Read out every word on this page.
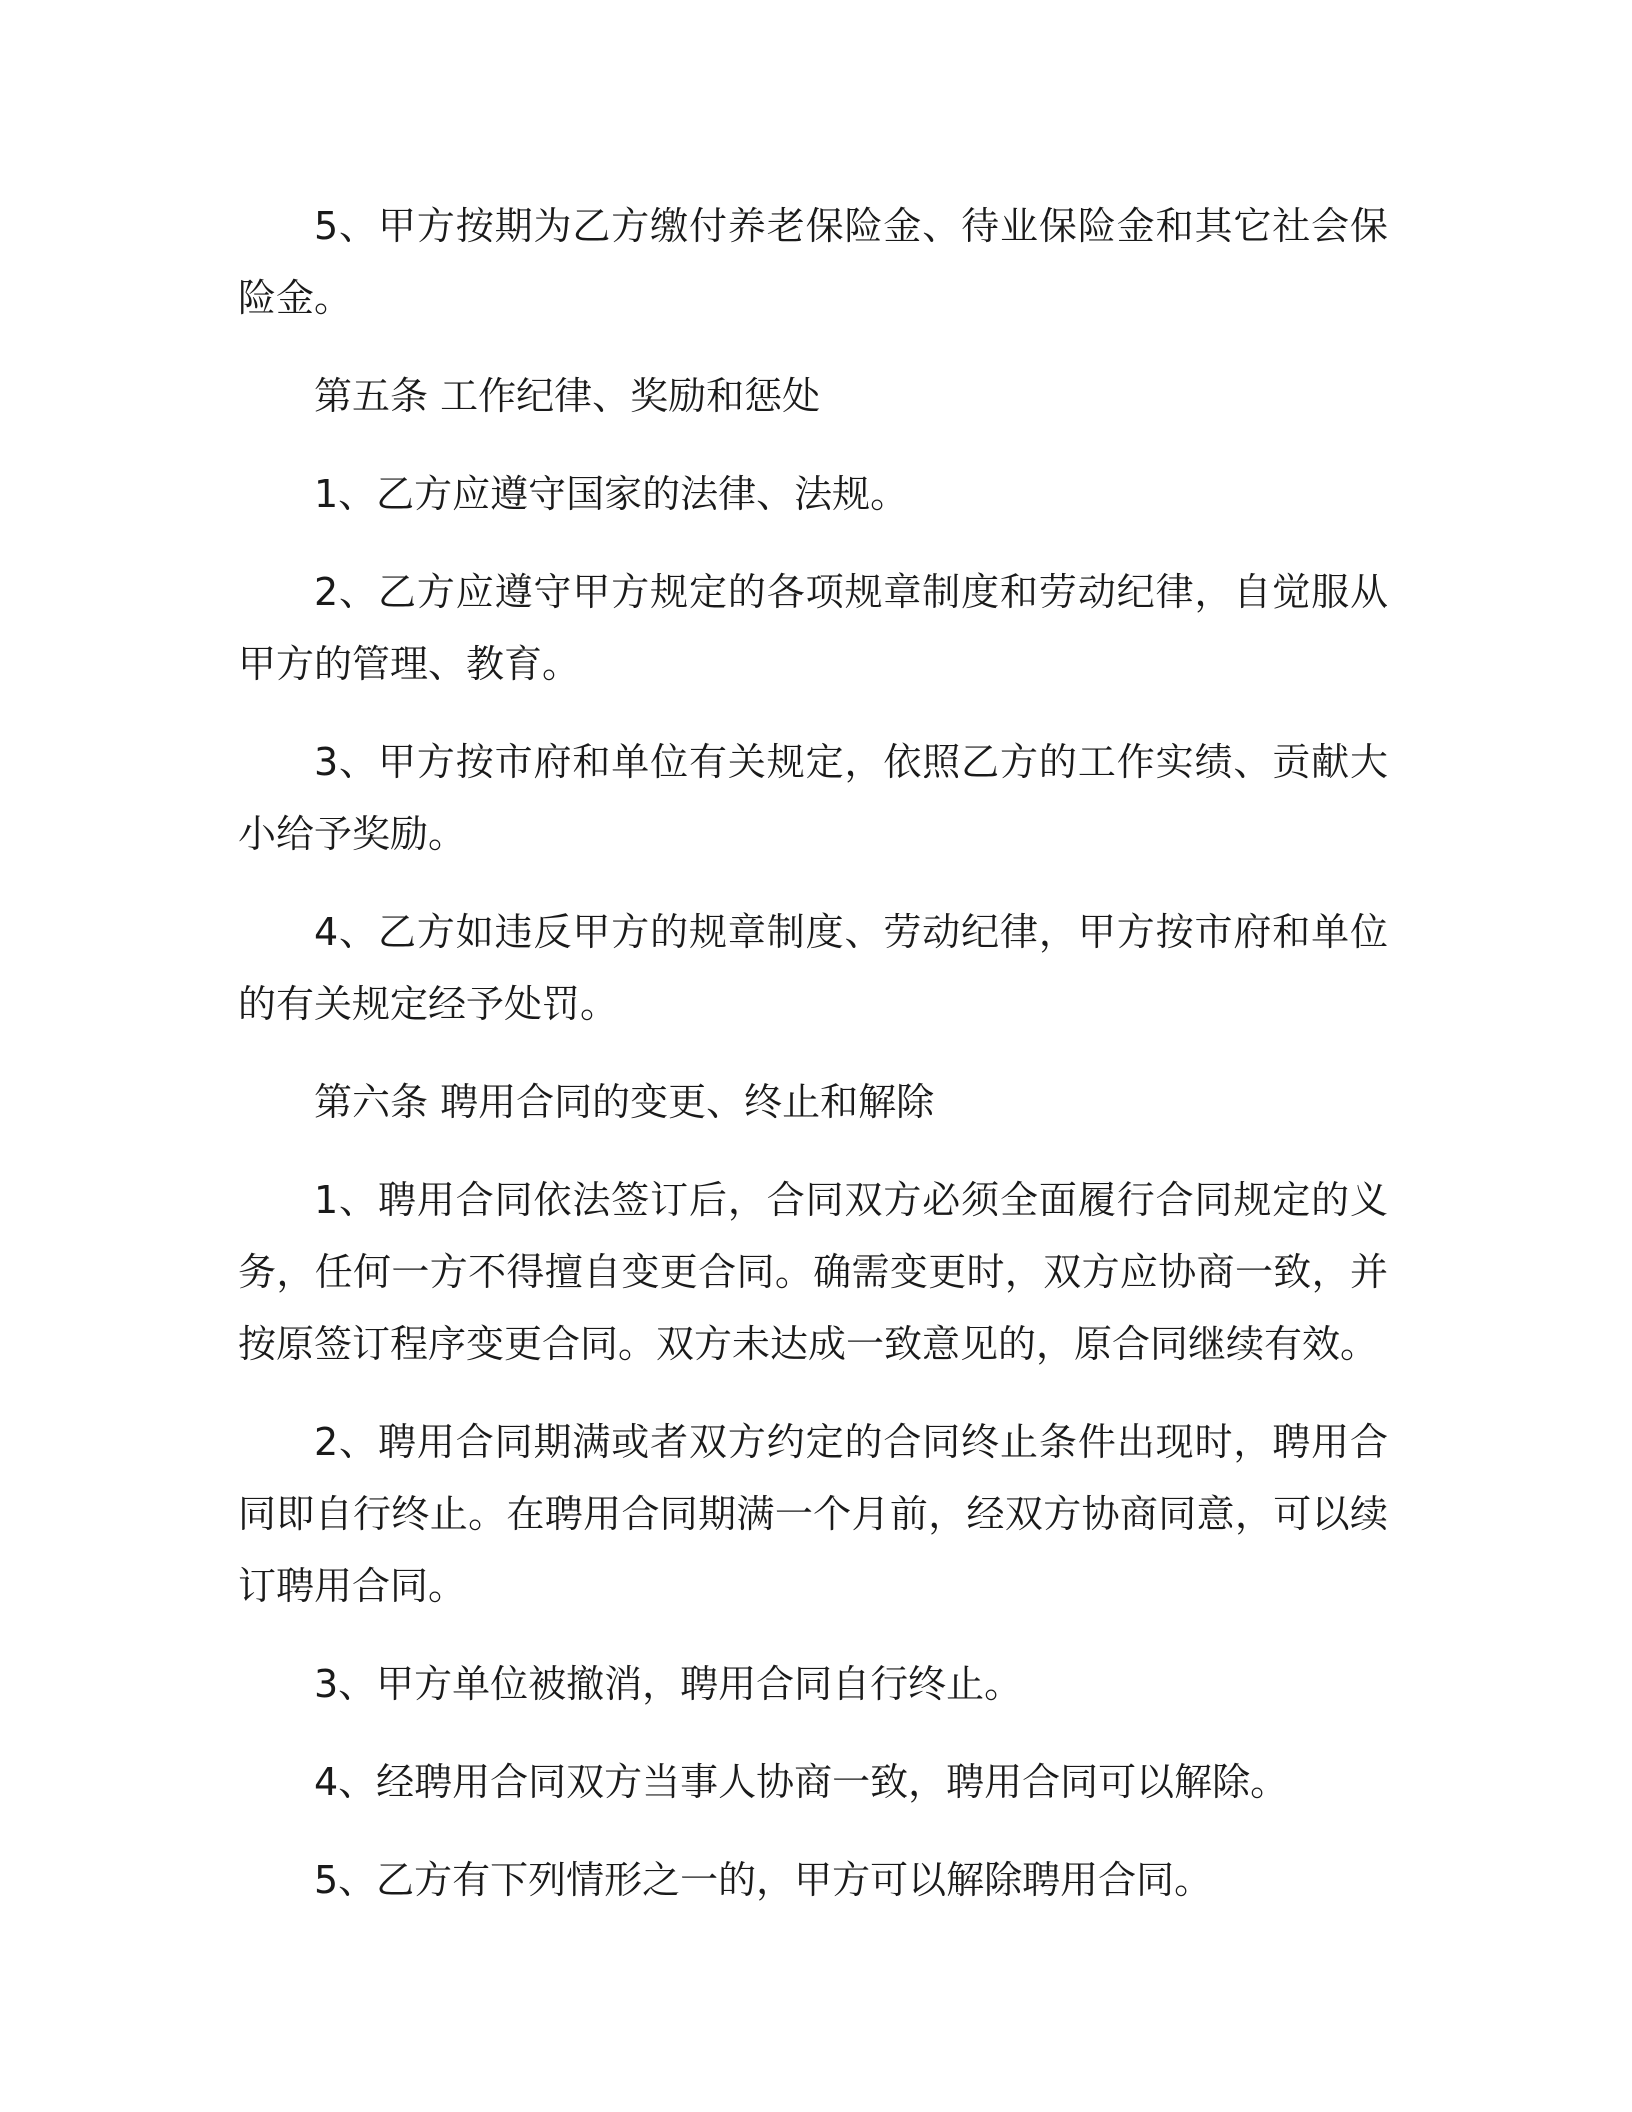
5、甲方按期为乙方缴付养老保险金、待业保险金和其它社会保险金。

第五条 工作纪律、奖励和惩处

1、乙方应遵守国家的法律、法规。

2、乙方应遵守甲方规定的各项规章制度和劳动纪律，自觉服从甲方的管理、教育。

3、甲方按市府和单位有关规定，依照乙方的工作实绩、贡献大小给予奖励。

4、乙方如违反甲方的规章制度、劳动纪律，甲方按市府和单位的有关规定经予处罚。

第六条 聘用合同的变更、终止和解除

1、聘用合同依法签订后，合同双方必须全面履行合同规定的义务，任何一方不得擅自变更合同。确需变更时，双方应协商一致，并按原签订程序变更合同。双方未达成一致意见的，原合同继续有效。

2、聘用合同期满或者双方约定的合同终止条件出现时，聘用合同即自行终止。在聘用合同期满一个月前，经双方协商同意，可以续订聘用合同。

3、甲方单位被撤消，聘用合同自行终止。

4、经聘用合同双方当事人协商一致，聘用合同可以解除。

5、乙方有下列情形之一的，甲方可以解除聘用合同。
